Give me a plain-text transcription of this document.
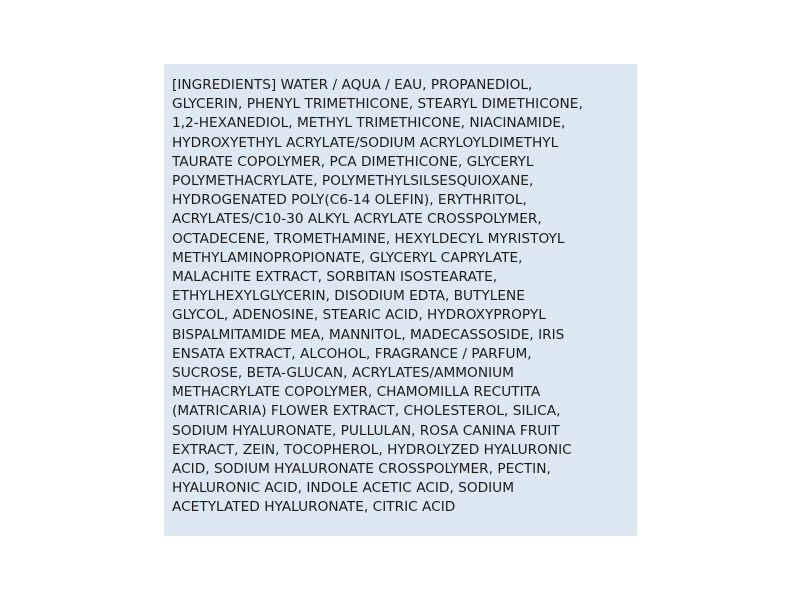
[INGREDIENTS] WATER / AQUA / EAU, PROPANEDIOL,
GLYCERIN, PHENYL TRIMETHICONE, STEARYL DIMETHICONE,
1,2-HEXANEDIOL, METHYL TRIMETHICONE, NIACINAMIDE,
HYDROXYETHYL ACRYLATE/SODIUM ACRYLOYLDIMETHYL
TAURATE COPOLYMER, PCA DIMETHICONE, GLYCERYL
POLYMETHACRYLATE, POLYMETHYLSILSESQUIOXANE,
HYDROGENATED POLY(C6-14 OLEFIN), ERYTHRITOL,
ACRYLATES/C10-30 ALKYL ACRYLATE CROSSPOLYMER,
OCTADECENE, TROMETHAMINE, HEXYLDECYL MYRISTOYL
METHYLAMINOPROPIONATE, GLYCERYL CAPRYLATE,
MALACHITE EXTRACT, SORBITAN ISOSTEARATE,
ETHYLHEXYLGLYCERIN, DISODIUM EDTA, BUTYLENE
GLYCOL, ADENOSINE, STEARIC ACID, HYDROXYPROPYL
BISPALMITAMIDE MEA, MANNITOL, MADECASSOSIDE, IRIS
ENSATA EXTRACT, ALCOHOL, FRAGRANCE / PARFUM,
SUCROSE, BETA-GLUCAN, ACRYLATES/AMMONIUM
METHACRYLATE COPOLYMER, CHAMOMILLA RECUTITA
(MATRICARIA) FLOWER EXTRACT, CHOLESTEROL, SILICA,
SODIUM HYALURONATE, PULLULAN, ROSA CANINA FRUIT
EXTRACT, ZEIN, TOCOPHEROL, HYDROLYZED HYALURONIC
ACID, SODIUM HYALURONATE CROSSPOLYMER, PECTIN,
HYALURONIC ACID, INDOLE ACETIC ACID, SODIUM
ACETYLATED HYALURONATE, CITRIC ACID
